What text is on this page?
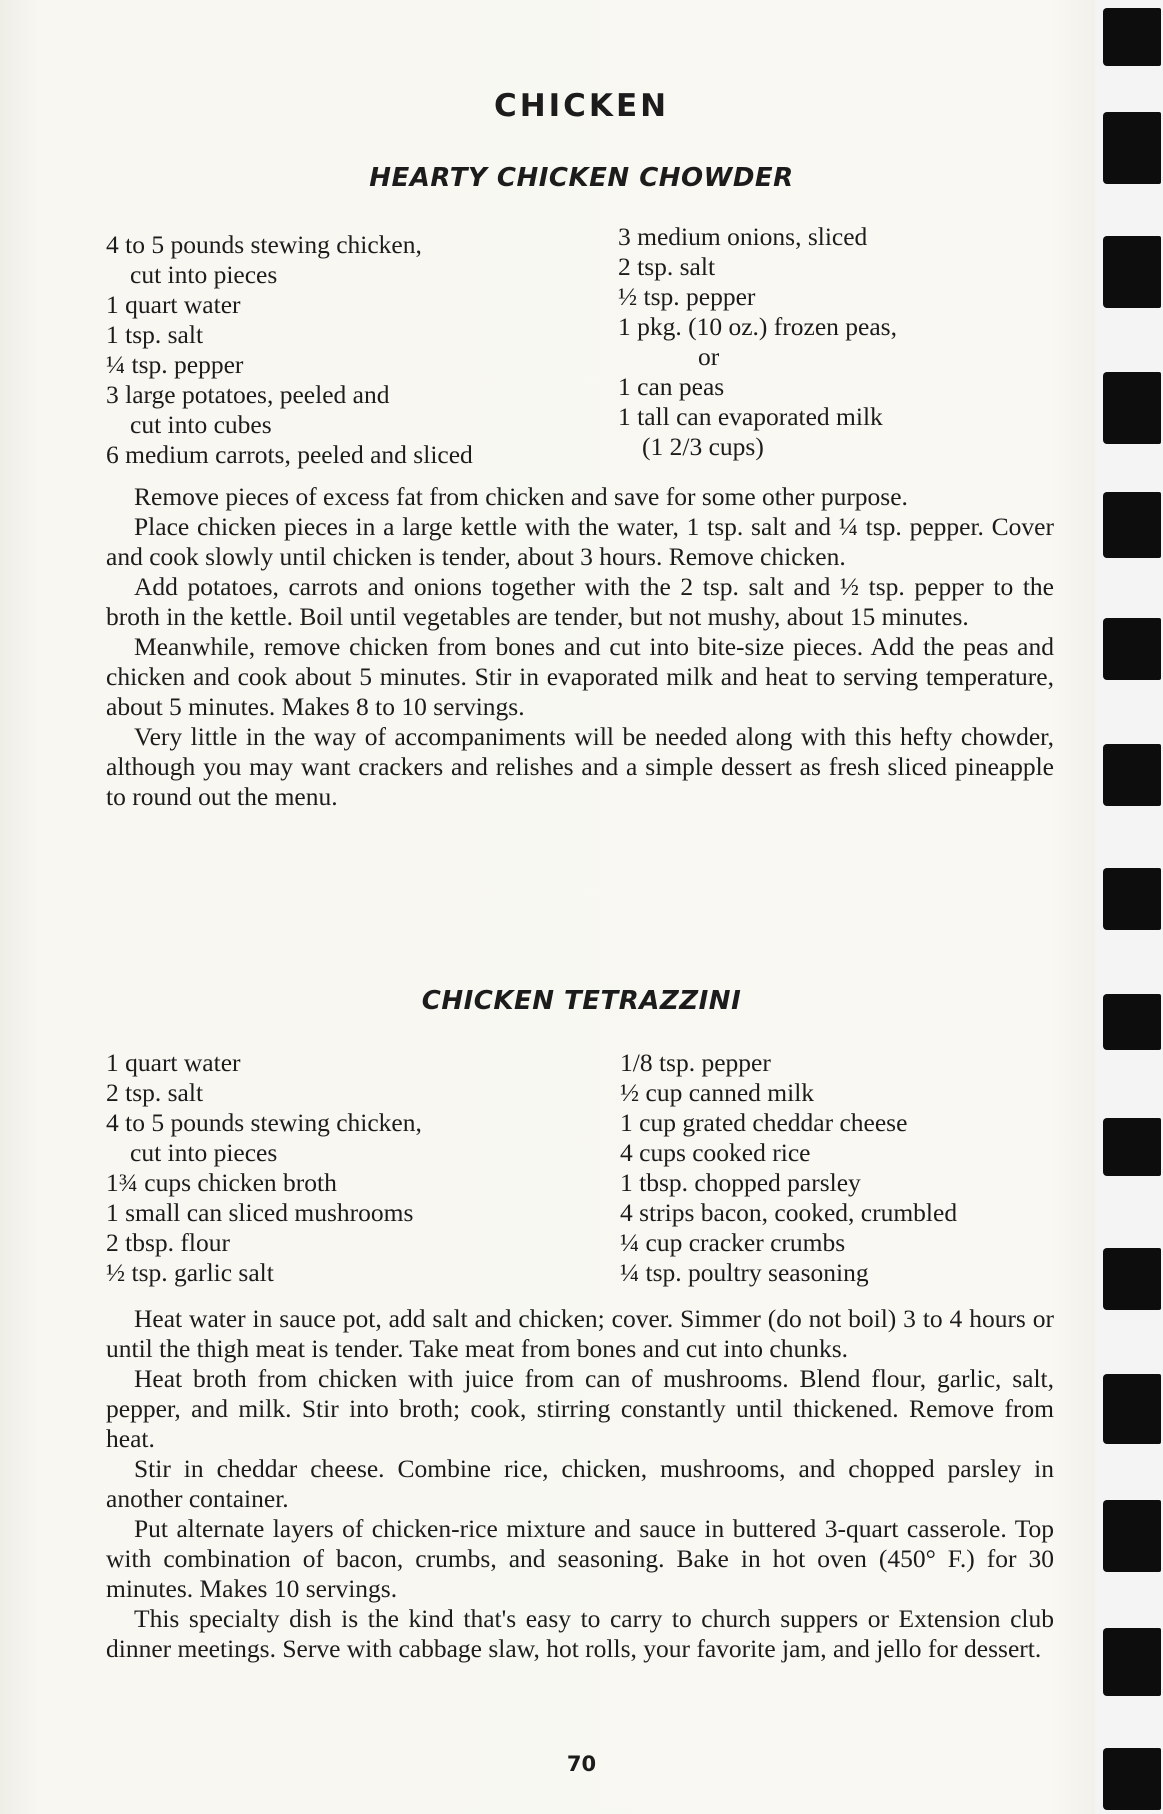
CHICKEN
HEARTY CHICKEN CHOWDER
4 to 5 pounds stewing chicken,
cut into pieces
1 quart water
1 tsp. salt
¼ tsp. pepper
3 large potatoes, peeled and
cut into cubes
6 medium carrots, peeled and sliced
3 medium onions, sliced
2 tsp. salt
½ tsp. pepper
1 pkg. (10 oz.) frozen peas,
or
1 can peas
1 tall can evaporated milk
(1 2/3 cups)

Remove pieces of excess fat from chicken and save for some other purpose.

Place chicken pieces in a large kettle with the water, 1 tsp. salt and ¼ tsp. pepper. Cover and cook slowly until chicken is tender, about 3 hours. Remove chicken.

Add potatoes, carrots and onions together with the 2 tsp. salt and ½ tsp. pepper to the broth in the kettle. Boil until vegetables are tender, but not mushy, about 15 minutes.

Meanwhile, remove chicken from bones and cut into bite-size pieces. Add the peas and chicken and cook about 5 minutes. Stir in evaporated milk and heat to serving temperature, about 5 minutes. Makes 8 to 10 servings.

Very little in the way of accompaniments will be needed along with this hefty chowder, although you may want crackers and relishes and a simple dessert as fresh sliced pineapple to round out the menu.

CHICKEN TETRAZZINI
1 quart water
2 tsp. salt
4 to 5 pounds stewing chicken,
cut into pieces
1¾ cups chicken broth
1 small can sliced mushrooms
2 tbsp. flour
½ tsp. garlic salt
1/8 tsp. pepper
½ cup canned milk
1 cup grated cheddar cheese
4 cups cooked rice
1 tbsp. chopped parsley
4 strips bacon, cooked, crumbled
¼ cup cracker crumbs
¼ tsp. poultry seasoning

Heat water in sauce pot, add salt and chicken; cover. Simmer (do not boil) 3 to 4 hours or until the thigh meat is tender. Take meat from bones and cut into chunks.

Heat broth from chicken with juice from can of mushrooms. Blend flour, garlic, salt, pepper, and milk. Stir into broth; cook, stirring constantly until thickened. Remove from heat.

Stir in cheddar cheese. Combine rice, chicken, mushrooms, and chopped parsley in another container.

Put alternate layers of chicken-rice mixture and sauce in buttered 3-quart casserole. Top with combination of bacon, crumbs, and seasoning. Bake in hot oven (450° F.) for 30 minutes. Makes 10 servings.

This specialty dish is the kind that's easy to carry to church suppers or Extension club dinner meetings. Serve with cabbage slaw, hot rolls, your favorite jam, and jello for dessert.

70
